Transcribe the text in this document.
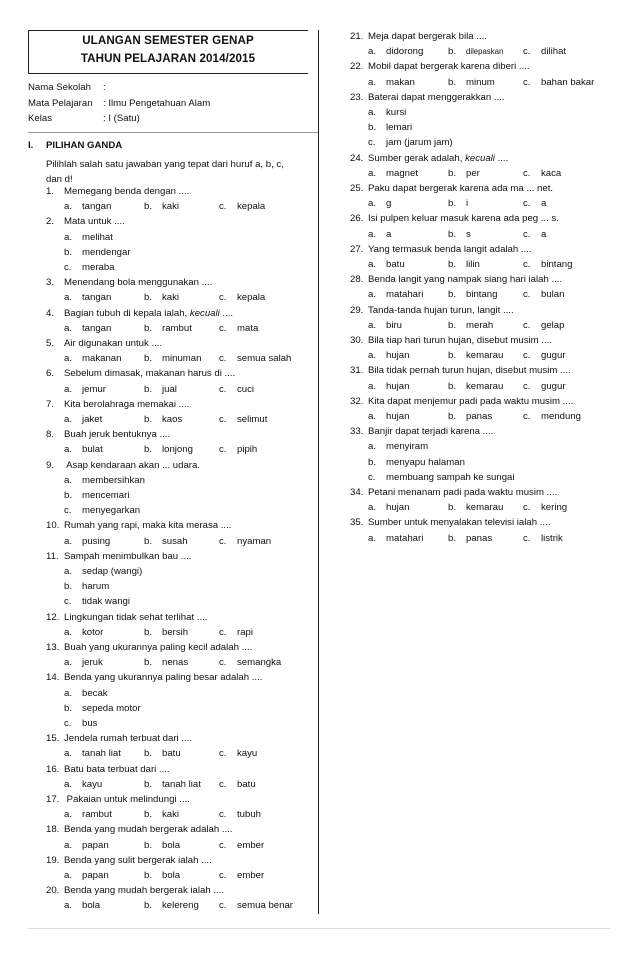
ULANGAN SEMESTER GENAP
TAHUN PELAJARAN 2014/2015
Nama Sekolah :
Mata Pelajaran : Ilmu Pengetahuan Alam
Kelas	: I (Satu)
I. PILIHAN GANDA
Pilihlah salah satu jawaban yang tepat dari huruf a, b, c,
dan d!
1. Memegang benda dengan ....
a. tangan	b. kaki	c. kepala
2. Mata untuk ....
a. melihat
b. mendengar
c. meraba
3. Menendang bola menggunakan ....
a. tangan	b. kaki	c. kepala
4. Bagian tubuh di kepala ialah, kecuali ....
a. tangan	b. rambut	c. mata
5. Air digunakan untuk ....
a. makanan b. minuman c. semua salah
6. Sebelum dimasak, makanan harus di ....
a. jemur	b. jual	c. cuci
7. Kita berolahraga memakai ....
a. jaket	b. kaos	c. selimut
8. Buah jeruk bentuknya ....
a. bulat	b. lonjong	c. pipih
9. Asap kendaraan akan ... udara.
a. membersihkan
b. mencemari
c. menyegarkan
10. Rumah yang rapi, maka kita merasa ....
a. pusing	b. susah	c. nyaman
11. Sampah menimbulkan bau ....
a. sedap (wangi)
b. harum
c. tidak wangi
12. Lingkungan tidak sehat terlihat ....
a. kotor	b. bersih	c. rapi
13. Buah yang ukurannya paling kecil adalah ....
a. jeruk	b. nenas	c. semangka
14. Benda yang ukurannya paling besar adalah ....
a. becak
b. sepeda motor
c. bus
15. Jendela rumah terbuat dari ....
a. tanah liat b. batu	c. kayu
16. Batu bata terbuat dari ....
a. kayu	b. tanah liat c. batu
17. Pakaian untuk melindungi ....
a. rambut	b. kaki	c. tubuh
18. Benda yang mudah bergerak adalah ....
a. papan	b. bola	c. ember
19. Benda yang sulit bergerak ialah ....
a. papan	b. bola	c. ember
20. Benda yang mudah bergerak ialah ....
a. bola	b. kelereng c. semua benar
21. Meja dapat bergerak bila ....
a. didorong	b. dilepaskan c. dilihat
22. Mobil dapat bergerak karena diberi ....
a. makan	b. minum	c. bahan bakar
23. Baterai dapat menggerakkan ....
a. kursi
b. lemari
c. jam (jarum jam)
24. Sumber gerak adalah, kecuali ....
a. magnet	b. per	c. kaca
25. Paku dapat bergerak karena ada ma ... net.
a. g	b. i	c. a
26. Isi pulpen keluar masuk karena ada peg ... s.
a. a	b. s	c. a
27. Yang termasuk benda langit adalah ....
a. batu	b. lilin	c. bintang
28. Benda langit yang nampak siang hari ialah ....
a. matahari	b. bintang	c. bulan
29. Tanda-tanda hujan turun, langit ....
a. biru	b. merah	c. gelap
30. Bila tiap hari turun hujan, disebut musim ....
a. hujan	b. kemarau c. gugur
31. Bila tidak pernah turun hujan, disebut musim ....
a. hujan	b. kemarau c. gugur
32. Kita dapat menjemur padi pada waktu musim ....
a. hujan	b. panas	c. mendung
33. Banjir dapat terjadi karena ....
a. menyiram
b. menyapu halaman
c. membuang sampah ke sungai
34. Petani menanam padi pada waktu musim ....
a. hujan	b. kemarau c. kering
35. Sumber untuk menyalakan televisi ialah ....
a. matahari	b. panas	c. listrik
